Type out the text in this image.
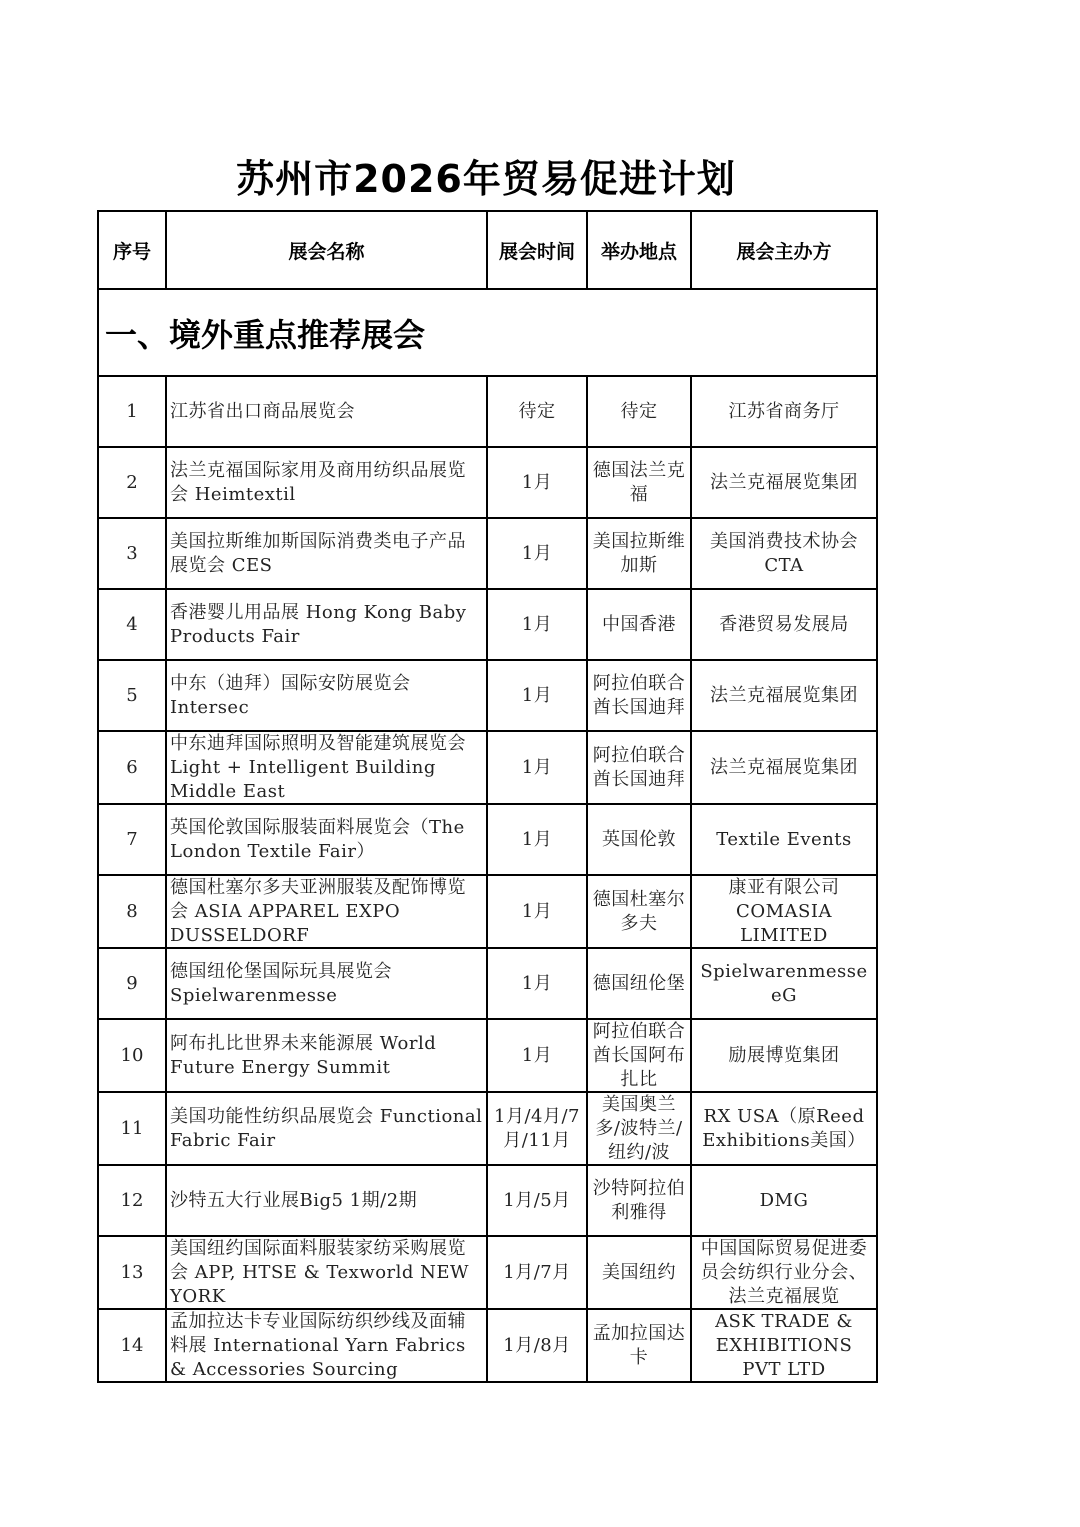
苏州市2026年贸易促进计划
序号	展会名称	展会时间	举办地点	展会主办方
一、境外重点推荐展会				
1	江苏省出口商品展览会	待定	待定	江苏省商务厅

2	法兰克福国际家用及商用纺织品展览会 Heimtextil	1月	德国法兰克福	法兰克福展览集团

3	美国拉斯维加斯国际消费类电子产品展览会 CES	1月	美国拉斯维加斯	美国消费技术协会CTA

4	香港婴儿用品展 Hong Kong Baby Products Fair	1月	中国香港	香港贸易发展局

5	中东（迪拜）国际安防展览会 Intersec	1月	阿拉伯联合酋长国迪拜	法兰克福展览集团

6	中东迪拜国际照明及智能建筑展览会 Light + Intelligent Building Middle East	1月	阿拉伯联合酋长国迪拜	法兰克福展览集团

7	英国伦敦国际服装面料展览会（The London Textile Fair）	1月	英国伦敦	Textile Events

8	德国杜塞尔多夫亚洲服装及配饰博览会 ASIA APPAREL EXPO DUSSELDORF	1月	德国杜塞尔多夫	康亚有限公司 COMASIA LIMITED

9	德国纽伦堡国际玩具展览会 Spielwarenmesse	1月	德国纽伦堡	Spielwarenmesse eG

10	阿布扎比世界未来能源展 World Future Energy Summit	1月	阿拉伯联合酋长国阿布扎比	励展博览集团

11	美国功能性纺织品展览会 Functional Fabric Fair	1月/4月/7月/11月	美国奥兰多/波特兰/纽约/波	RX USA（原Reed Exhibitions美国）

12	沙特五大行业展Big5 1期/2期	1月/5月	沙特阿拉伯利雅得	DMG

13	美国纽约国际面料服装家纺采购展览会 APP, HTSE & Texworld NEW YORK	1月/7月	美国纽约	中国国际贸易促进委员会纺织行业分会、法兰克福展览

14	孟加拉达卡专业国际纺织纱线及面辅料展 International Yarn Fabrics & Accessories Sourcing	1月/8月	孟加拉国达卡	ASK TRADE & EXHIBITIONS PVT LTD
